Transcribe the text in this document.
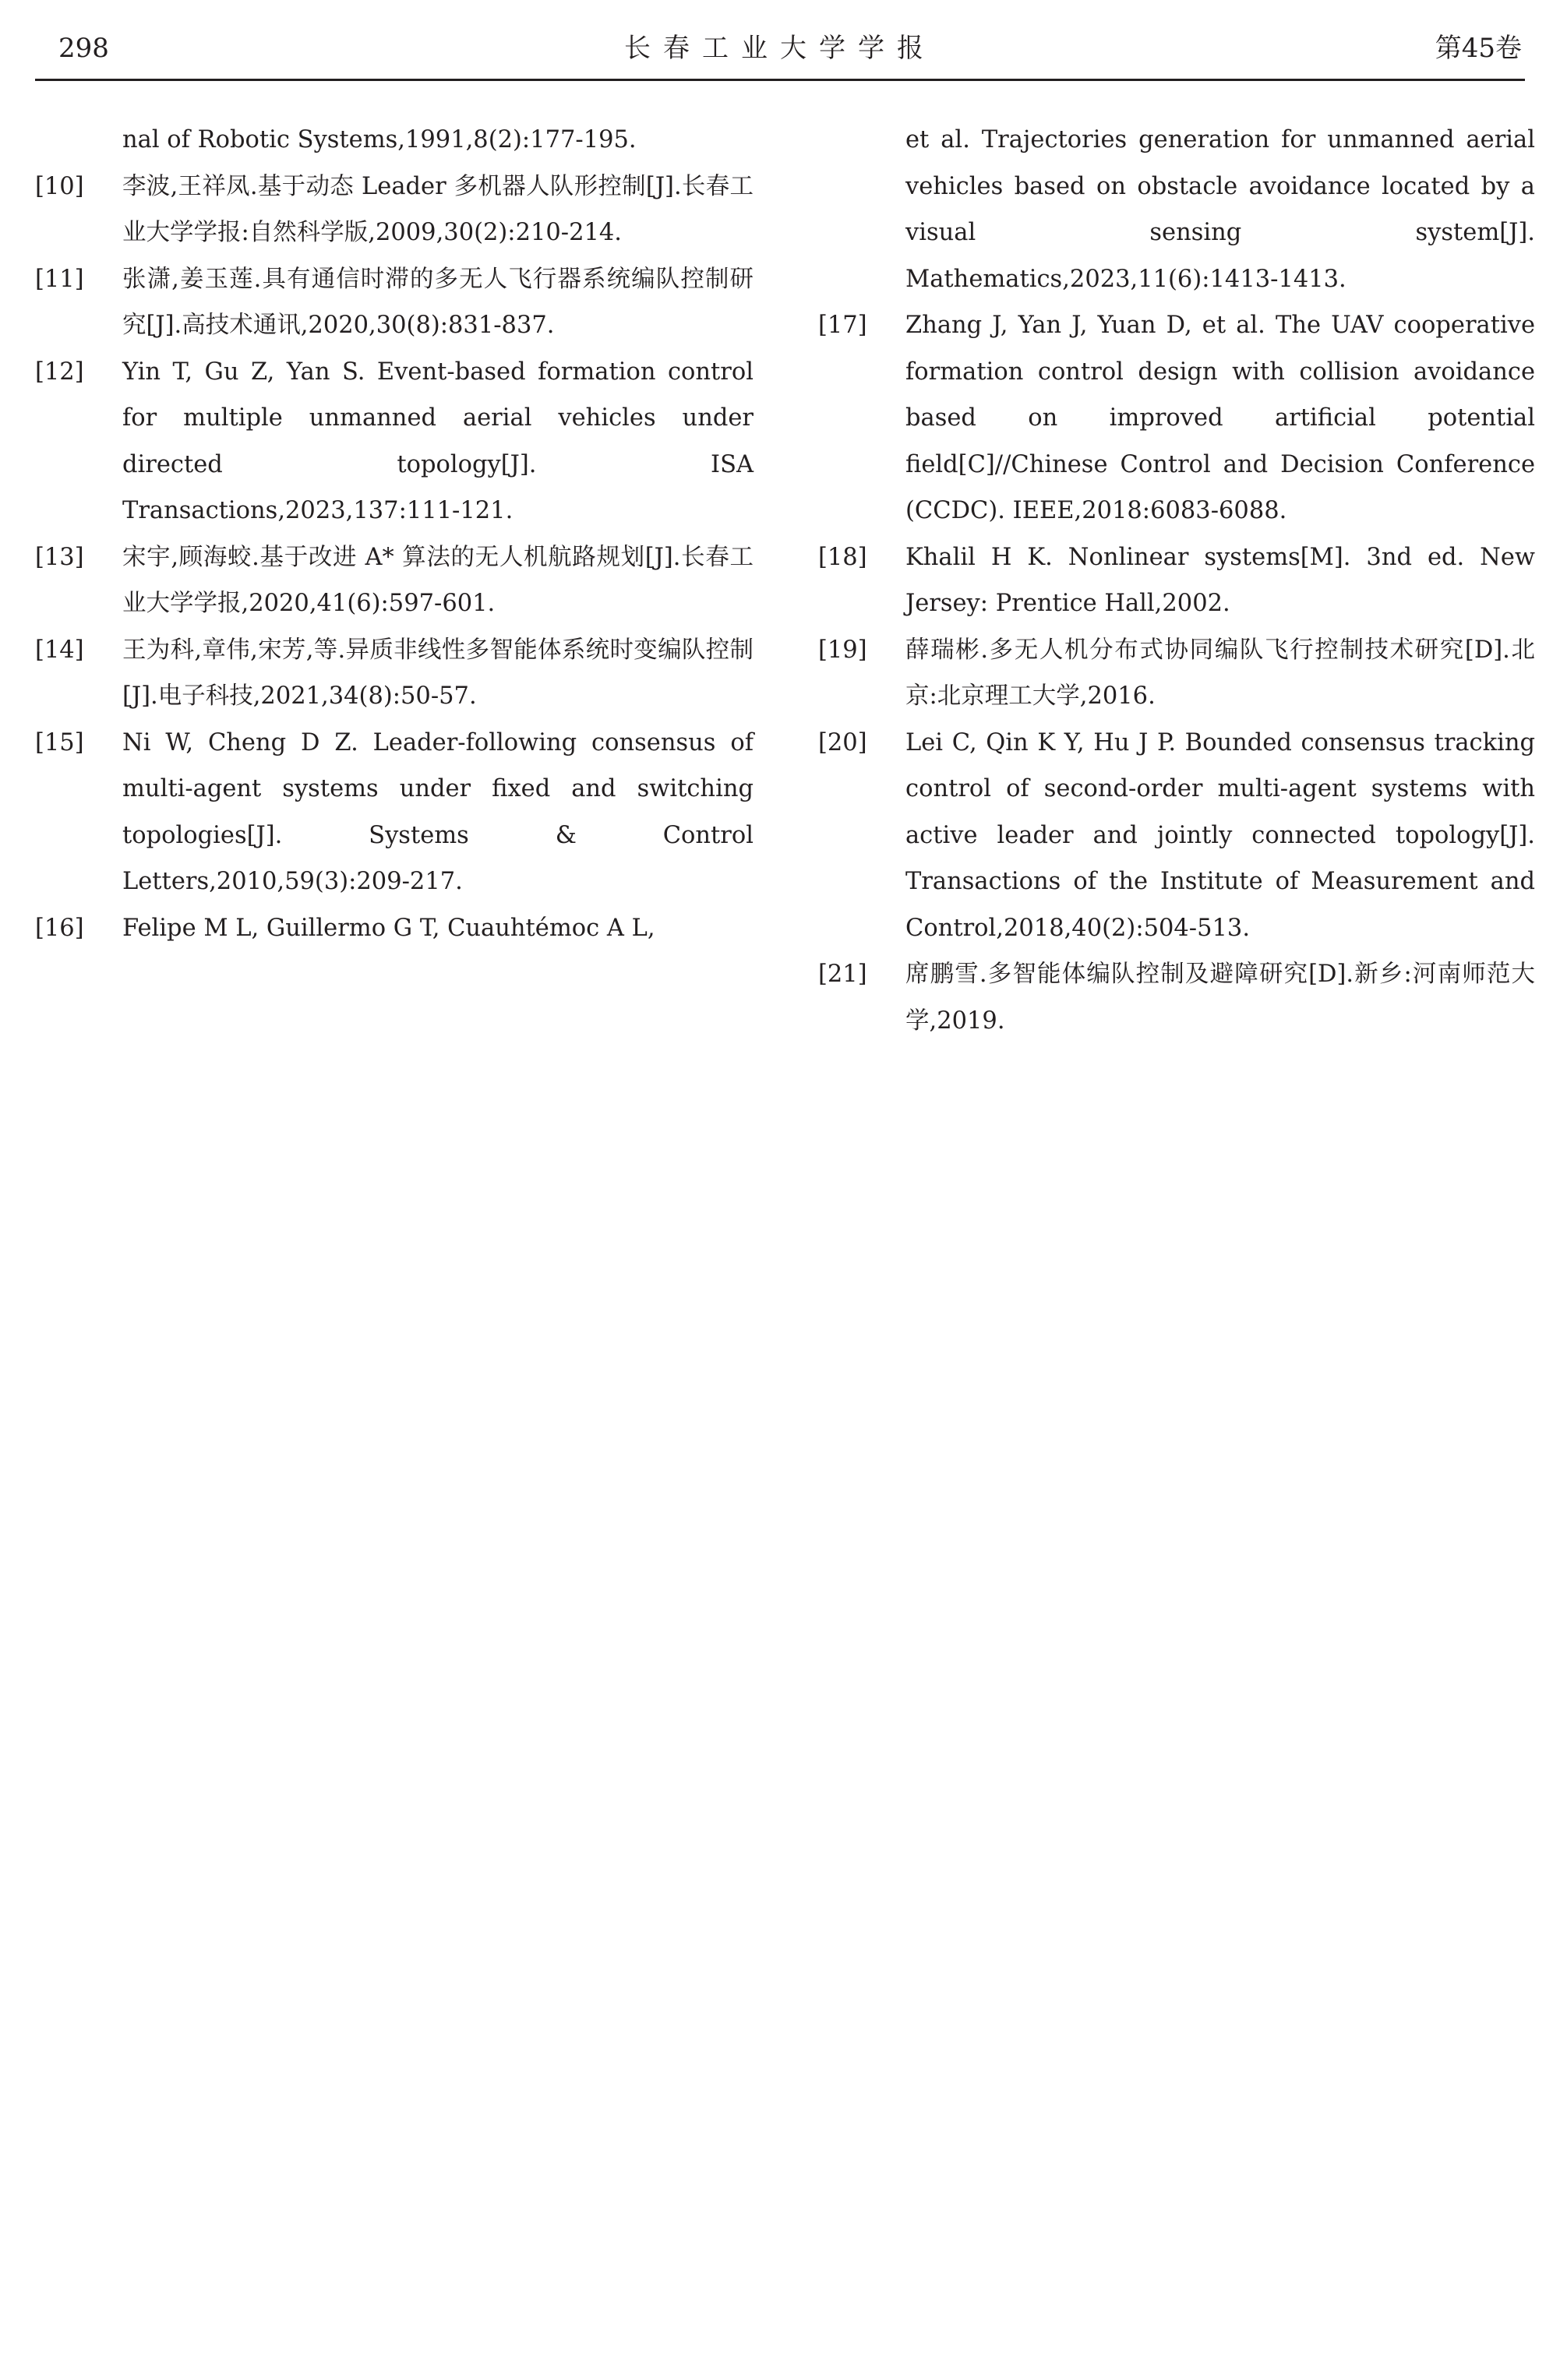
298	长春工业大学学报	第45卷
nal of Robotic Systems,1991,8(2):177-195.
[10]	李波,王祥凤.基于动态 Leader 多机器人队形控制[J].长春工业大学学报:自然科学版,2009,30(2):210-214.
[11]	张潇,姜玉莲.具有通信时滞的多无人飞行器系统编队控制研究[J].高技术通讯,2020,30(8):831-837.
[12]	Yin T, Gu Z, Yan S. Event-based formation control for multiple unmanned aerial vehicles under directed topology[J]. ISA Transactions,2023,137:111-121.
[13]	宋宇,顾海蛟.基于改进 A* 算法的无人机航路规划[J].长春工业大学学报,2020,41(6):597-601.
[14]	王为科,章伟,宋芳,等.异质非线性多智能体系统时变编队控制[J].电子科技,2021,34(8):50-57.
[15]	Ni W, Cheng D Z. Leader-following consensus of multi-agent systems under fixed and switching topologies[J]. Systems & Control Letters,2010,59(3):209-217.
[16]	Felipe M L, Guillermo G T, Cuauhtémoc A L,
et al. Trajectories generation for unmanned aerial vehicles based on obstacle avoidance located by a visual sensing system[J]. Mathematics,2023,11(6):1413-1413.
[17]	Zhang J, Yan J, Yuan D, et al. The UAV cooperative formation control design with collision avoidance based on improved artificial potential field[C]//Chinese Control and Decision Conference (CCDC). IEEE,2018:6083-6088.
[18]	Khalil H K. Nonlinear systems[M]. 3nd ed. New Jersey: Prentice Hall,2002.
[19]	薛瑞彬.多无人机分布式协同编队飞行控制技术研究[D].北京:北京理工大学,2016.
[20]	Lei C, Qin K Y, Hu J P. Bounded consensus tracking control of second-order multi-agent systems with active leader and jointly connected topology[J]. Transactions of the Institute of Measurement and Control,2018,40(2):504-513.
[21]	席鹏雪.多智能体编队控制及避障研究[D].新乡:河南师范大学,2019.
